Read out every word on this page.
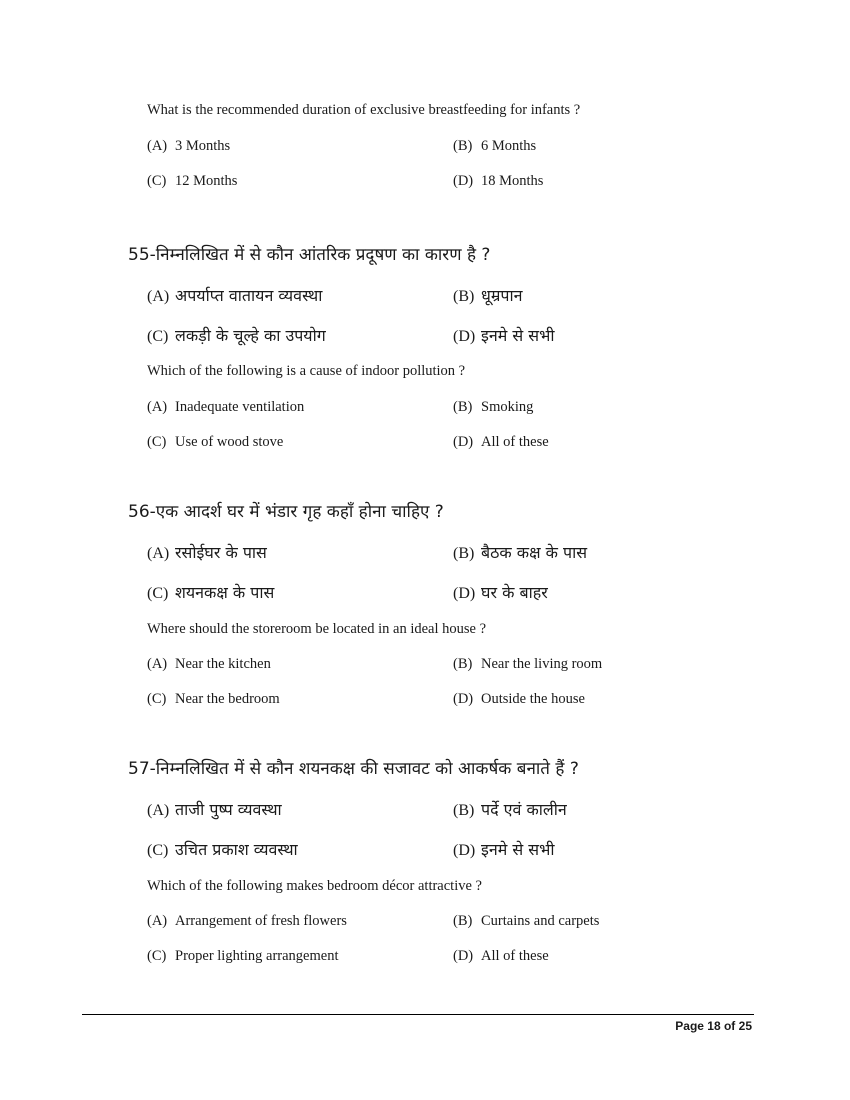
What is the recommended duration of exclusive breastfeeding for infants ?
(A) 3 Months	(B) 6 Months
(C) 12 Months	(D) 18 Months
55-निम्नलिखित में से कौन आंतरिक प्रदूषण का कारण है ?
(A) अपर्याप्त वातायन व्यवस्था	(B) धूम्रपान
(C) लकड़ी के चूल्हे का उपयोग	(D) इनमे से सभी
Which of the following is a cause of indoor pollution ?
(A) Inadequate ventilation	(B) Smoking
(C) Use of wood stove	(D) All of these
56-एक आदर्श घर में भंडार गृह कहाँ होना चाहिए ?
(A) रसोईघर के पास	(B) बैठक कक्ष के पास
(C) शयनकक्ष के पास	(D) घर के बाहर
Where should the storeroom be located in an ideal house ?
(A) Near the kitchen	(B) Near the living room
(C) Near the bedroom	(D) Outside the house
57-निम्नलिखित में से कौन शयनकक्ष की सजावट को आकर्षक बनाते हैं ?
(A) ताजी पुष्प व्यवस्था	(B) पर्दे एवं कालीन
(C) उचित प्रकाश व्यवस्था	(D) इनमे से सभी
Which of the following makes bedroom décor attractive ?
(A) Arrangement of fresh flowers	(B) Curtains and carpets
(C) Proper lighting arrangement	(D) All of these
Page 18 of 25
